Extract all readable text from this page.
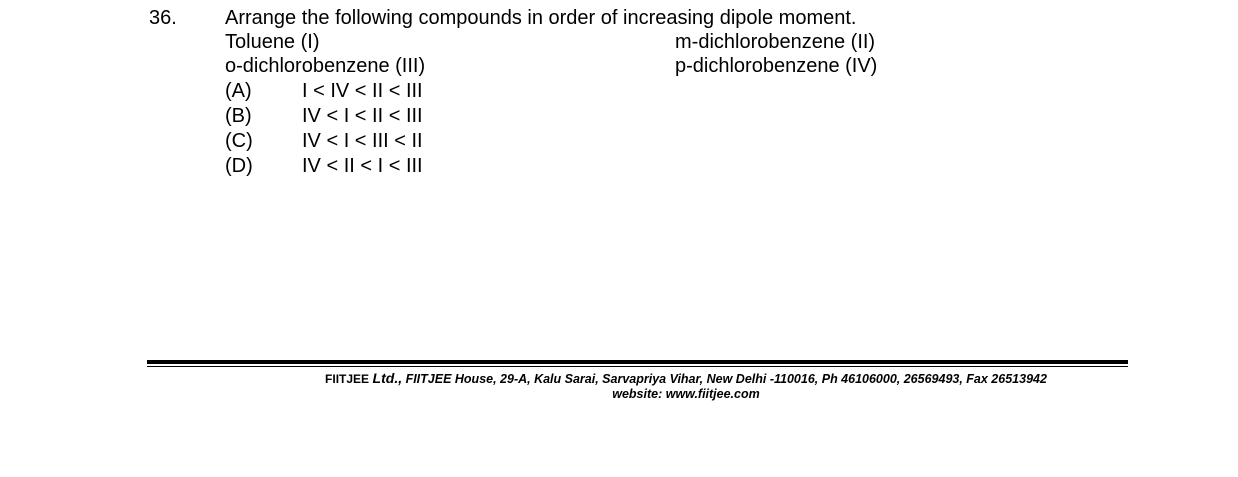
36. Arrange the following compounds in order of increasing dipole moment.
Toluene (I)	m-dichlorobenzene (II)
o-dichlorobenzene (III)	p-dichlorobenzene (IV)
(A)	I < IV < II < III
(B)	IV < I < II < III
(C) IV < I < III < II
(D) IV < II < I < III
FIITJEE Ltd., FIITJEE House, 29-A, Kalu Sarai, Sarvapriya Vihar, New Delhi -110016, Ph 46106000, 26569493, Fax 26513942
website: www.fiitjee.com
